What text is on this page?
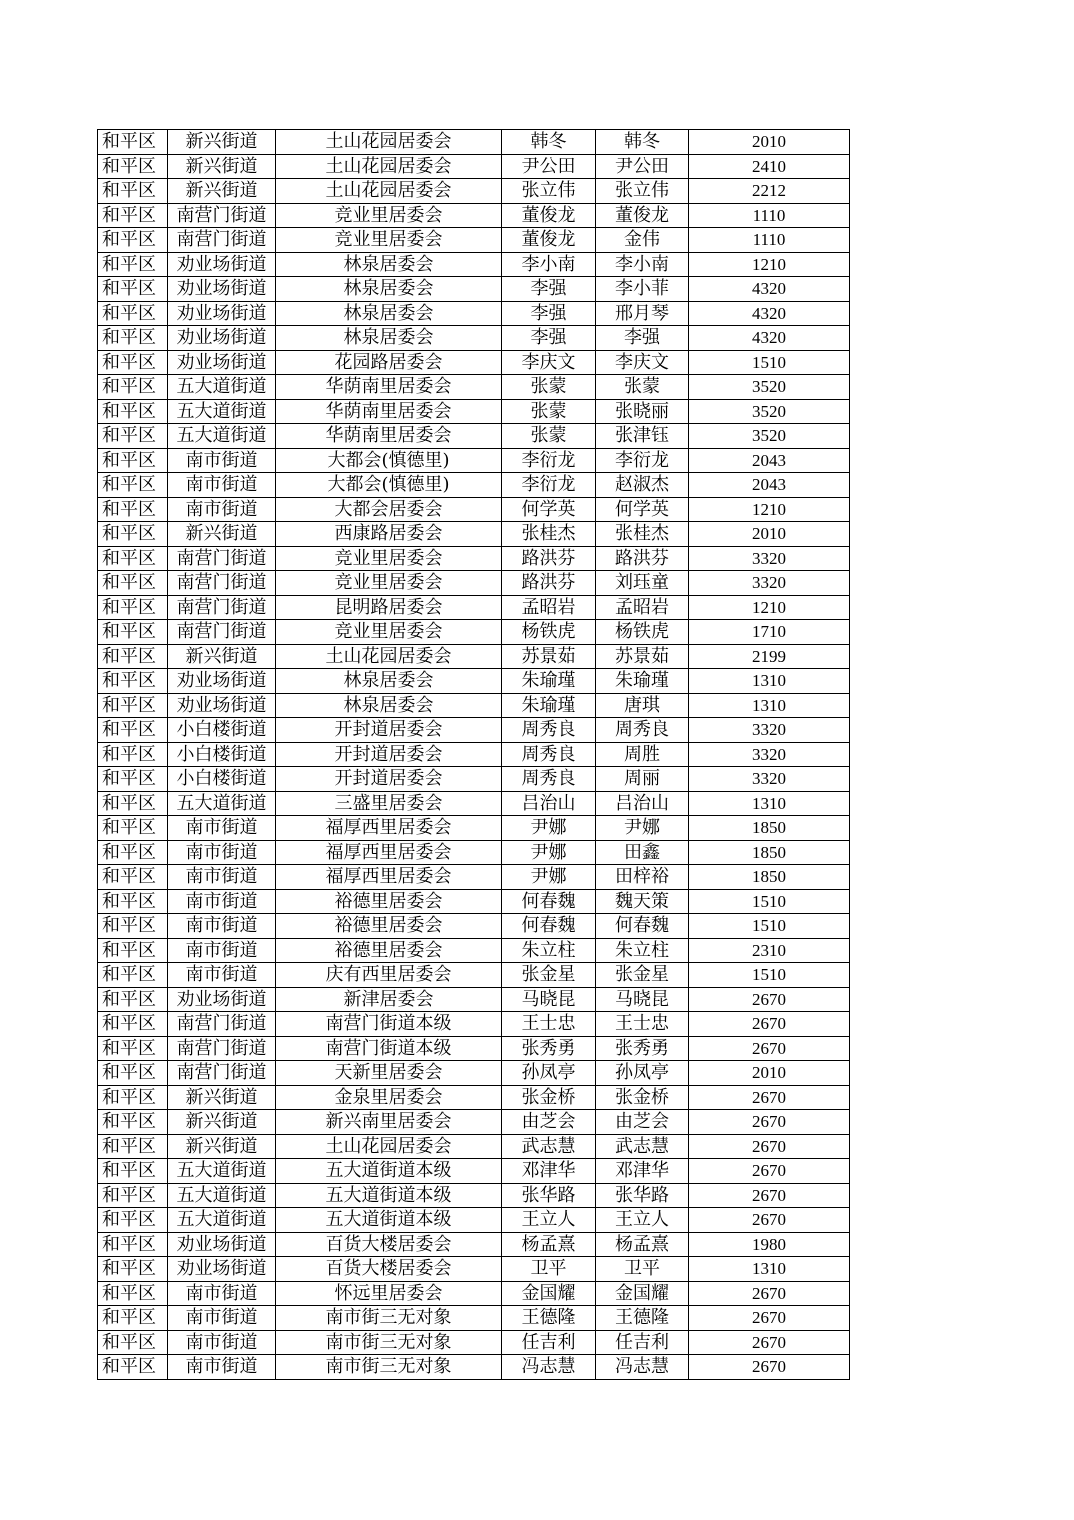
和平区	新兴街道	土山花园居委会	韩冬	韩冬	2010
和平区	新兴街道	土山花园居委会	尹公田	尹公田	2410
和平区	新兴街道	土山花园居委会	张立伟	张立伟	2212
和平区	南营门街道	竞业里居委会	董俊龙	董俊龙	1110
和平区	南营门街道	竞业里居委会	董俊龙	金伟	1110
和平区	劝业场街道	林泉居委会	李小南	李小南	1210
和平区	劝业场街道	林泉居委会	李强	李小菲	4320
和平区	劝业场街道	林泉居委会	李强	邢月琴	4320
和平区	劝业场街道	林泉居委会	李强	李强	4320
和平区	劝业场街道	花园路居委会	李庆文	李庆文	1510
和平区	五大道街道	华荫南里居委会	张蒙	张蒙	3520
和平区	五大道街道	华荫南里居委会	张蒙	张晓丽	3520
和平区	五大道街道	华荫南里居委会	张蒙	张津钰	3520
和平区	南市街道	大都会(慎德里)	李衍龙	李衍龙	2043
和平区	南市街道	大都会(慎德里)	李衍龙	赵淑杰	2043
和平区	南市街道	大都会居委会	何学英	何学英	1210
和平区	新兴街道	西康路居委会	张桂杰	张桂杰	2010
和平区	南营门街道	竞业里居委会	路洪芬	路洪芬	3320
和平区	南营门街道	竞业里居委会	路洪芬	刘珏童	3320
和平区	南营门街道	昆明路居委会	孟昭岩	孟昭岩	1210
和平区	南营门街道	竞业里居委会	杨铁虎	杨铁虎	1710
和平区	新兴街道	土山花园居委会	苏景茹	苏景茹	2199
和平区	劝业场街道	林泉居委会	朱瑜瑾	朱瑜瑾	1310
和平区	劝业场街道	林泉居委会	朱瑜瑾	唐琪	1310
和平区	小白楼街道	开封道居委会	周秀良	周秀良	3320
和平区	小白楼街道	开封道居委会	周秀良	周胜	3320
和平区	小白楼街道	开封道居委会	周秀良	周丽	3320
和平区	五大道街道	三盛里居委会	吕治山	吕治山	1310
和平区	南市街道	福厚西里居委会	尹娜	尹娜	1850
和平区	南市街道	福厚西里居委会	尹娜	田鑫	1850
和平区	南市街道	福厚西里居委会	尹娜	田梓裕	1850
和平区	南市街道	裕德里居委会	何春魏	魏天策	1510
和平区	南市街道	裕德里居委会	何春魏	何春魏	1510
和平区	南市街道	裕德里居委会	朱立柱	朱立柱	2310
和平区	南市街道	庆有西里居委会	张金星	张金星	1510
和平区	劝业场街道	新津居委会	马晓昆	马晓昆	2670
和平区	南营门街道	南营门街道本级	王士忠	王士忠	2670
和平区	南营门街道	南营门街道本级	张秀勇	张秀勇	2670
和平区	南营门街道	天新里居委会	孙凤亭	孙凤亭	2010
和平区	新兴街道	金泉里居委会	张金桥	张金桥	2670
和平区	新兴街道	新兴南里居委会	由芝会	由芝会	2670
和平区	新兴街道	土山花园居委会	武志慧	武志慧	2670
和平区	五大道街道	五大道街道本级	邓津华	邓津华	2670
和平区	五大道街道	五大道街道本级	张华路	张华路	2670
和平区	五大道街道	五大道街道本级	王立人	王立人	2670
和平区	劝业场街道	百货大楼居委会	杨孟熹	杨孟熹	1980
和平区	劝业场街道	百货大楼居委会	卫平	卫平	1310
和平区	南市街道	怀远里居委会	金国耀	金国耀	2670
和平区	南市街道	南市街三无对象	王德隆	王德隆	2670
和平区	南市街道	南市街三无对象	任吉利	任吉利	2670
和平区	南市街道	南市街三无对象	冯志慧	冯志慧	2670
